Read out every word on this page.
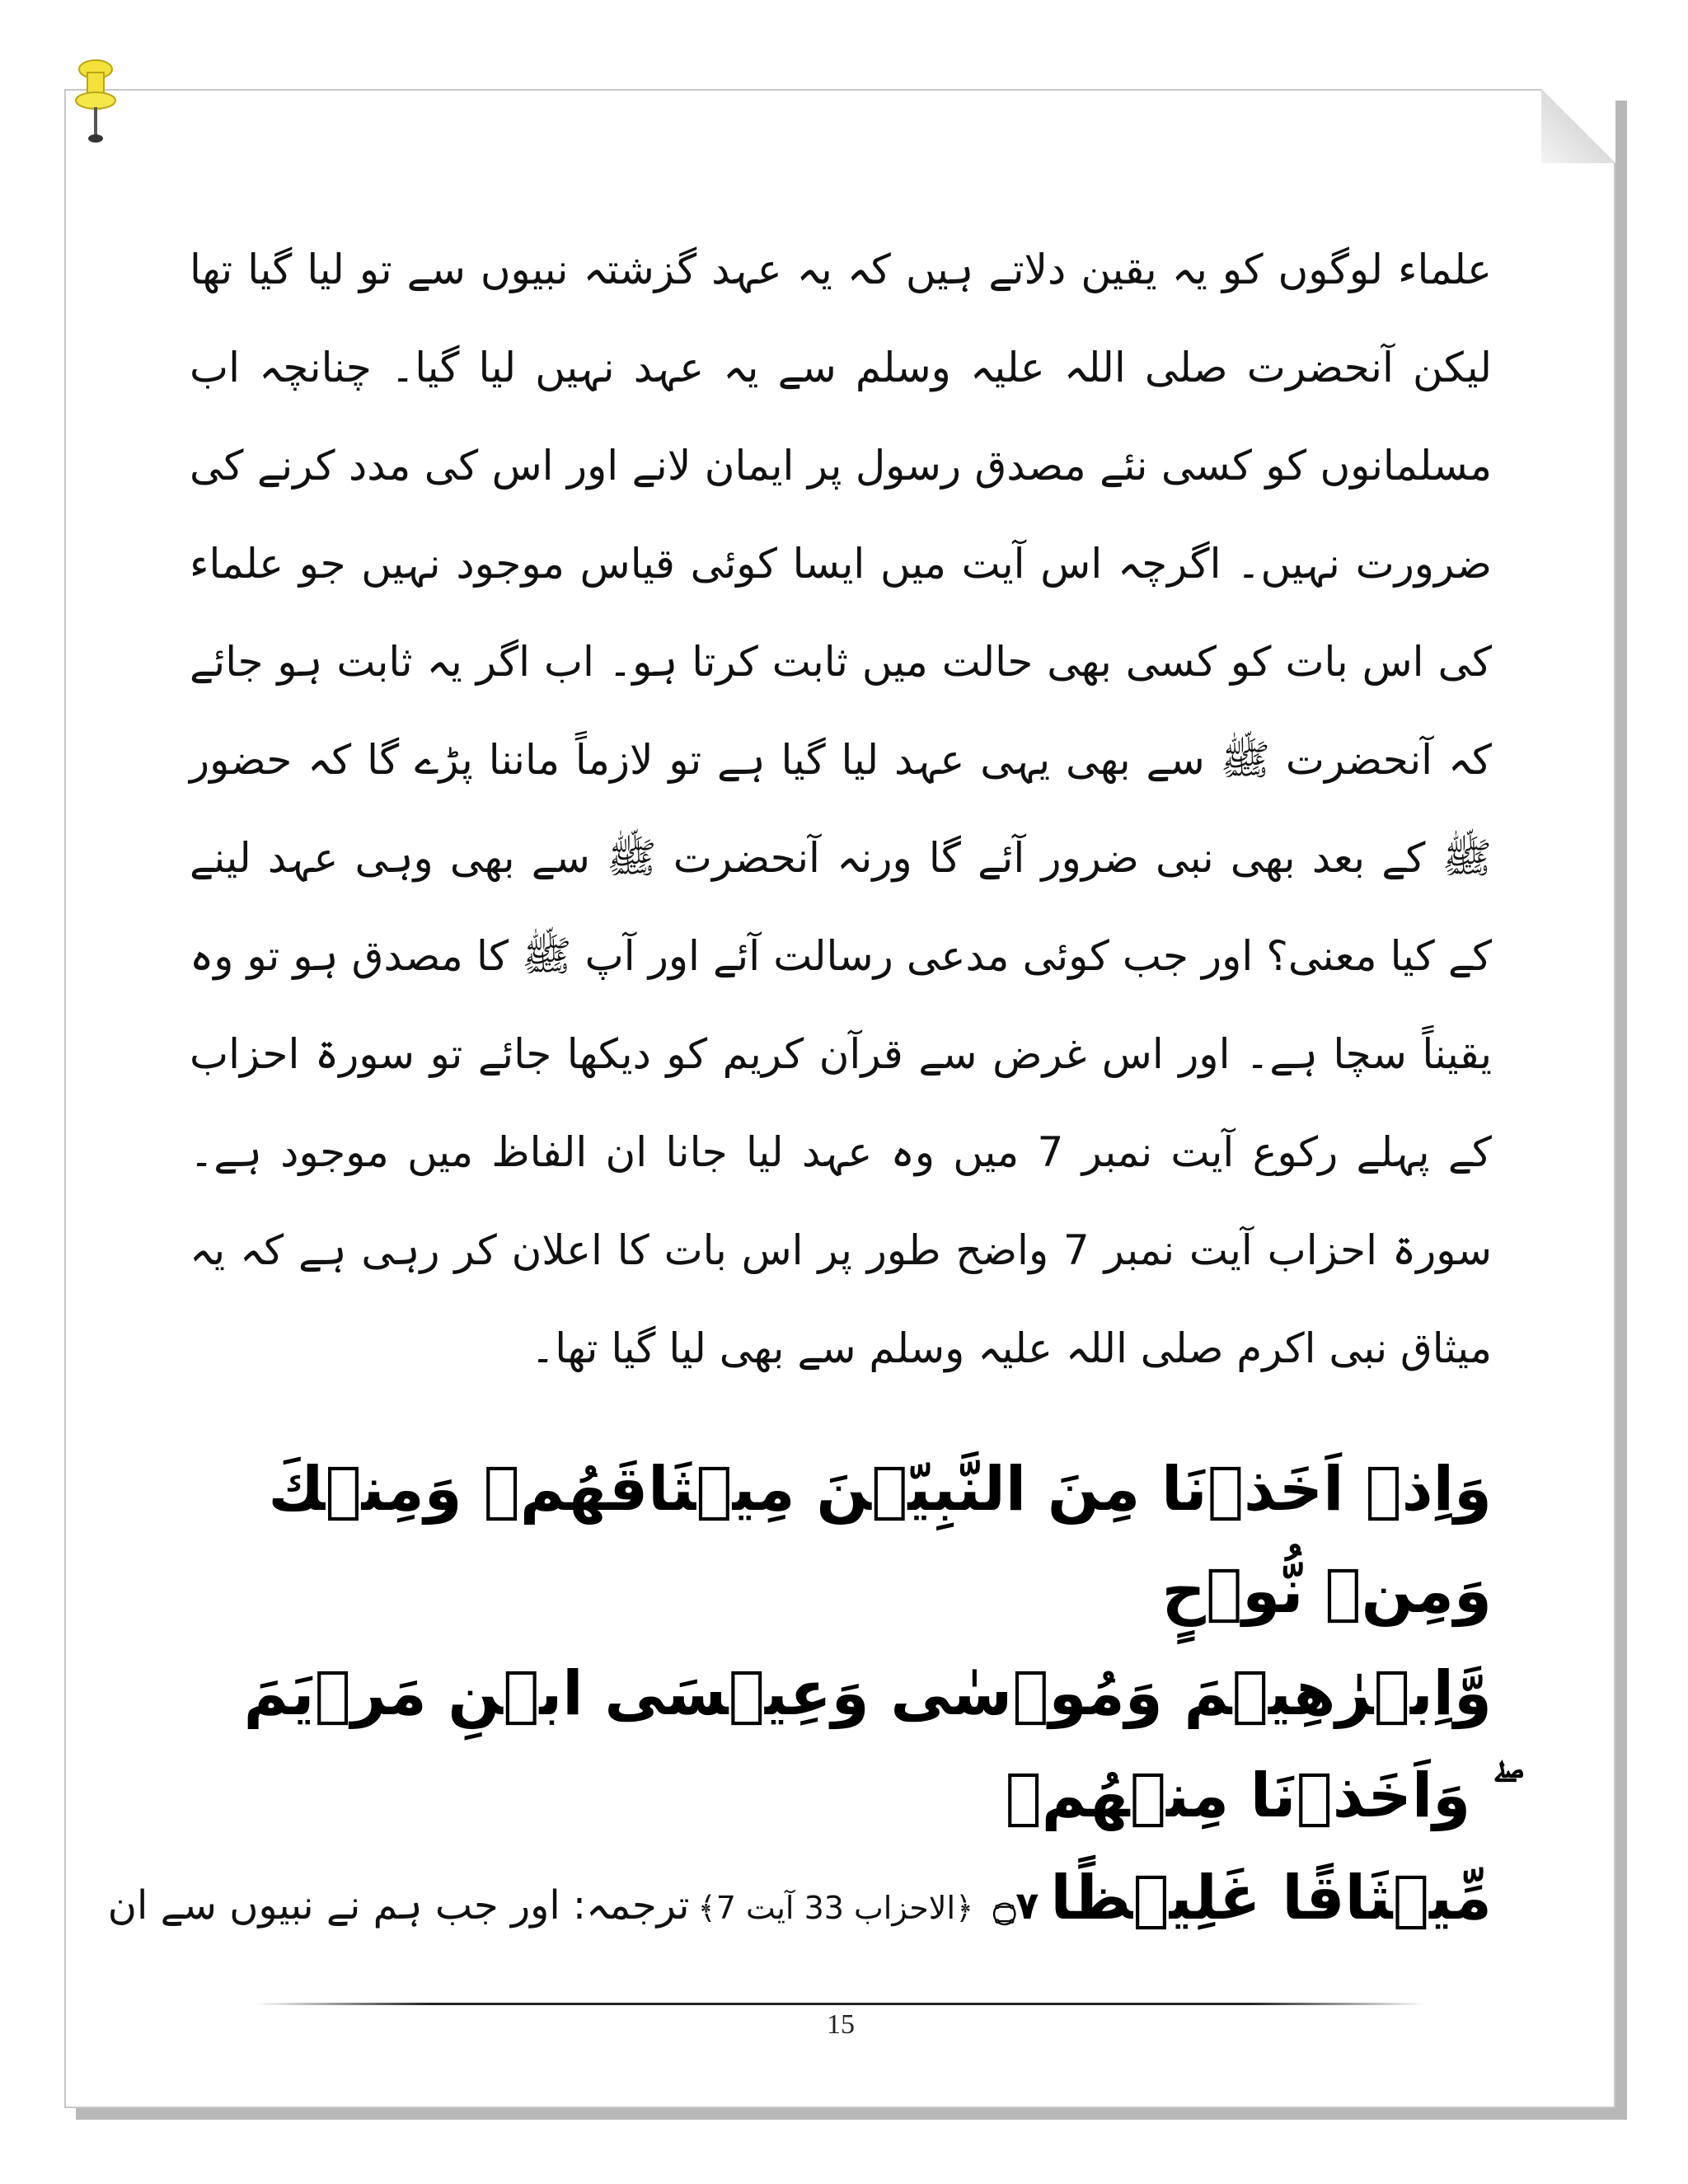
علماء لوگوں کو یہ یقین دلاتے ہیں کہ یہ عہد گزشتہ نبیوں سے تو لیا گیا تھا لیکن آنحضرت صلی اللہ علیہ وسلم سے یہ عہد نہیں لیا گیا۔ چنانچہ اب مسلمانوں کو کسی نئے مصدق رسول پر ایمان لانے اور اس کی مدد کرنے کی ضرورت نہیں۔ اگرچہ اس آیت میں ایسا کوئی قیاس موجود نہیں جو علماء کی اس بات کو کسی بھی حالت میں ثابت کرتا ہو۔ اب اگر یہ ثابت ہو جائے کہ آنحضرت ﷺ سے بھی یہی عہد لیا گیا ہے تو لازماً ماننا پڑے گا کہ حضور ﷺ کے بعد بھی نبی ضرور آئے گا ورنہ آنحضرت ﷺ سے بھی وہی عہد لینے کے کیا معنی؟ اور جب کوئی مدعی رسالت آئے اور آپ ﷺ کا مصدق ہو تو وہ یقیناً سچا ہے۔ اور اس غرض سے قرآن کریم کو دیکھا جائے تو سورۃ احزاب کے پہلے رکوع آیت نمبر 7 میں وہ عہد لیا جانا ان الفاظ میں موجود ہے۔ سورۃ احزاب آیت نمبر 7 واضح طور پر اس بات کا اعلان کر رہی ہے کہ یہ میثاق نبی اکرم صلی اللہ علیہ وسلم سے بھی لیا گیا تھا۔

وَاِذۡ اَخَذۡنَا مِنَ النَّبِيّٖنَ مِيۡثَاقَهُمۡ وَمِنۡكَ وَمِنۡ نُّوۡحٍ
وَّاِبۡرٰهِيۡمَ وَمُوۡسٰى وَعِيۡسَى ابۡنِ مَرۡيَمَ ۖ وَاَخَذۡنَا مِنۡهُمۡ
مِّيۡثَاقًا غَلِيۡظًا
۝٧
﴿الاحزاب 33 آیت 7﴾
ترجمہ: اور جب ہم نے نبیوں سے ان
15
